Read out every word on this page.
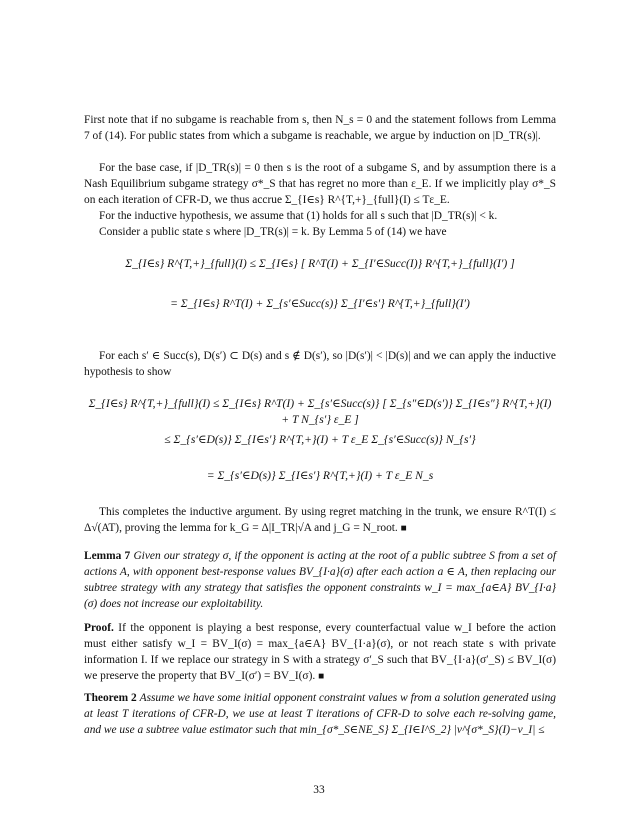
First note that if no subgame is reachable from s, then N_s = 0 and the statement follows from Lemma 7 of (14). For public states from which a subgame is reachable, we argue by induction on |D_TR(s)|.
For the base case, if |D_TR(s)| = 0 then s is the root of a subgame S, and by assumption there is a Nash Equilibrium subgame strategy σ*_S that has regret no more than ε_E. If we implicitly play σ*_S on each iteration of CFR-D, we thus accrue Σ_{I∈s} R^{T,+}_{full}(I) ≤ Tε_E.
For the inductive hypothesis, we assume that (1) holds for all s such that |D_TR(s)| < k.
Consider a public state s where |D_TR(s)| = k. By Lemma 5 of (14) we have
Σ_{I∈s} R^{T,+}_{full}(I) ≤ Σ_{I∈s} [ R^T(I) + Σ_{I′∈Succ(I)} R^{T,+}_{full}(I′) ]
= Σ_{I∈s} R^T(I) + Σ_{s′∈Succ(s)} Σ_{I′∈s′} R^{T,+}_{full}(I′)
For each s′ ∈ Succ(s), D(s′) ⊂ D(s) and s ∉ D(s′), so |D(s′)| < |D(s)| and we can apply the inductive hypothesis to show
Σ_{I∈s} R^{T,+}_{full}(I) ≤ Σ_{I∈s} R^T(I) + Σ_{s′∈Succ(s)} [ Σ_{s″∈D(s′)} Σ_{I∈s″} R^{T,+}(I) + T N_{s′} ε_E ]
≤ Σ_{s′∈D(s)} Σ_{I∈s′} R^{T,+}(I) + T ε_E Σ_{s′∈Succ(s)} N_{s′}
= Σ_{s′∈D(s)} Σ_{I∈s′} R^{T,+}(I) + T ε_E N_s
This completes the inductive argument. By using regret matching in the trunk, we ensure R^T(I) ≤ Δ√(AT), proving the lemma for k_G = Δ|I_TR|√A and j_G = N_root. ■
Lemma 7 Given our strategy σ, if the opponent is acting at the root of a public subtree S from a set of actions A, with opponent best-response values BV_{I·a}(σ) after each action a ∈ A, then replacing our subtree strategy with any strategy that satisfies the opponent constraints w_I = max_{a∈A} BV_{I·a}(σ) does not increase our exploitability.
Proof. If the opponent is playing a best response, every counterfactual value w_I before the action must either satisfy w_I = BV_I(σ) = max_{a∈A} BV_{I·a}(σ), or not reach state s with private information I. If we replace our strategy in S with a strategy σ′_S such that BV_{I·a}(σ′_S) ≤ BV_I(σ) we preserve the property that BV_I(σ′) = BV_I(σ). ■
Theorem 2 Assume we have some initial opponent constraint values w from a solution generated using at least T iterations of CFR-D, we use at least T iterations of CFR-D to solve each re-solving game, and we use a subtree value estimator such that min_{σ*_S∈NE_S} Σ_{I∈I^S_2} |v^{σ*_S}(I)−v_I| ≤
33
